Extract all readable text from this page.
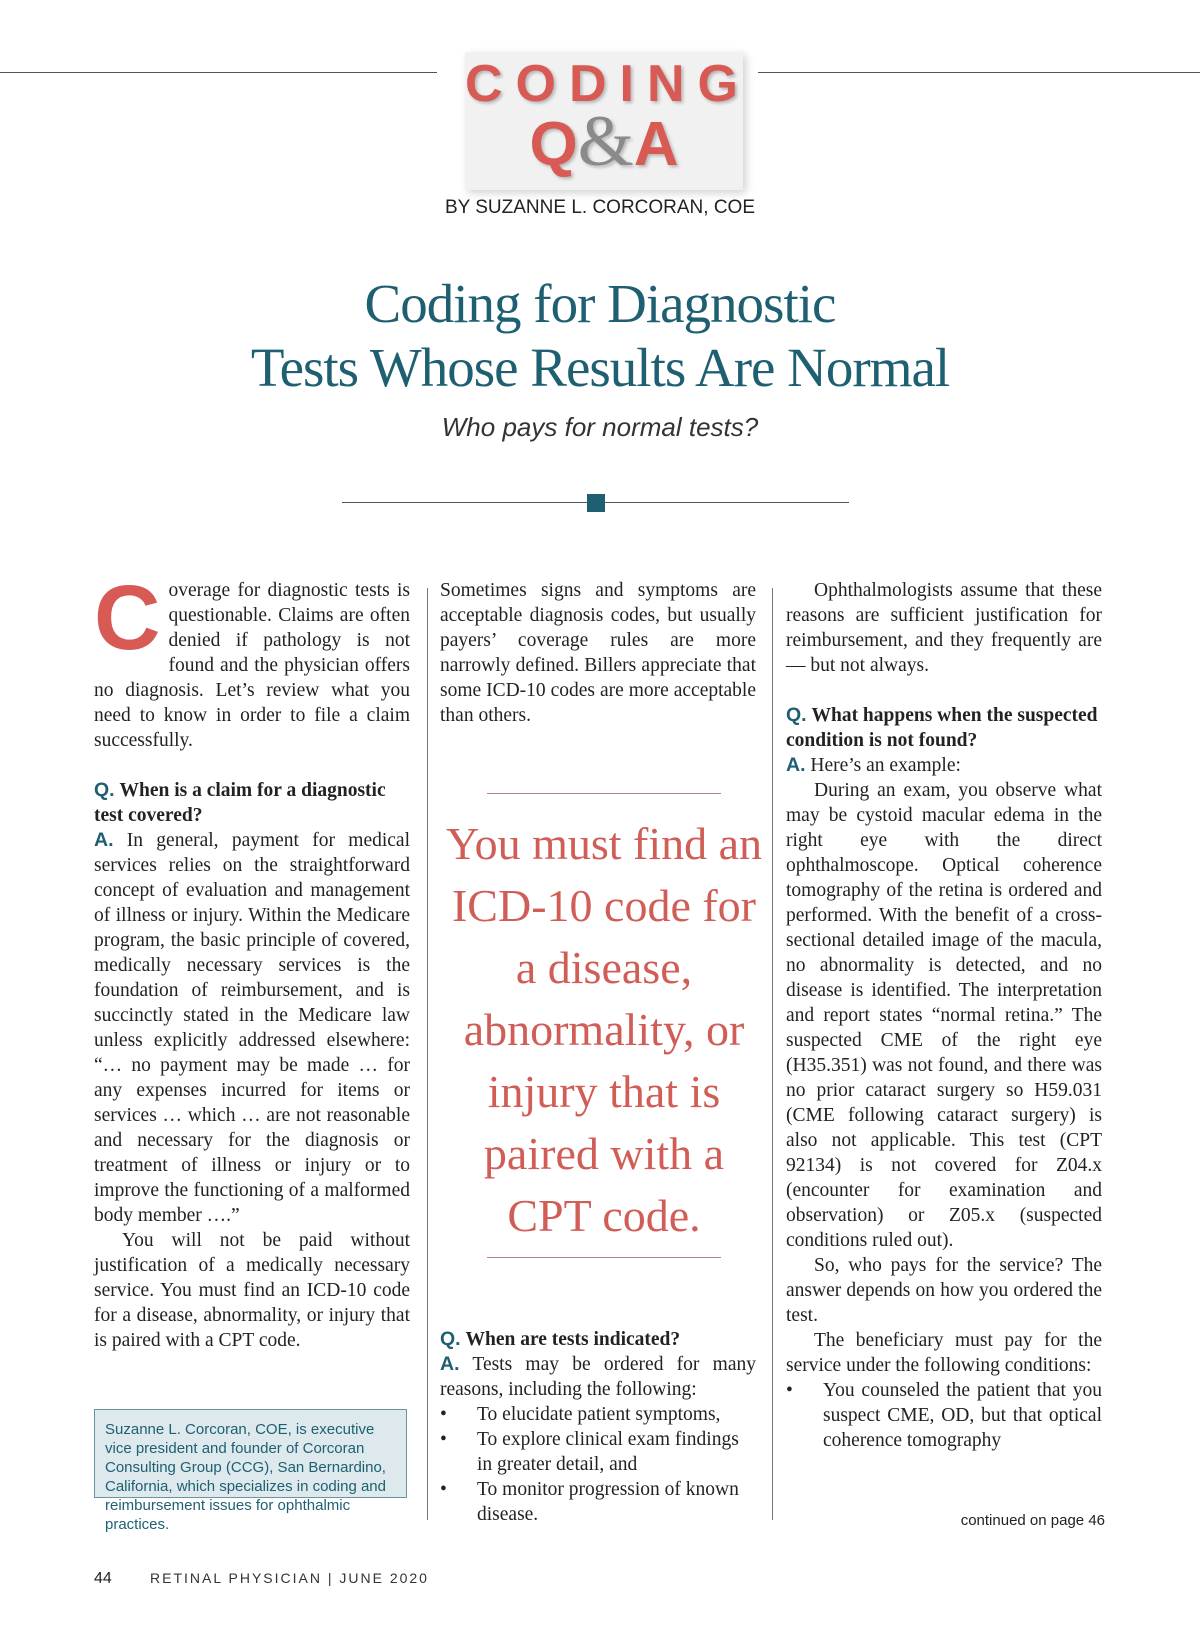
CODING
Q&A
BY SUZANNE L. CORCORAN, COE
Coding for Diagnostic
Tests Whose Results Are Normal
Who pays for normal tests?

Coverage for diagnostic tests is questionable. Claims are often denied if pathology is not found and the physician offers no diagnosis. Let’s review what you need to know in order to file a claim successfully.

Q. When is a claim for a diagnostic test covered?

A. In general, payment for medical services relies on the straightforward concept of evaluation and management of illness or injury. Within the Medicare program, the basic principle of covered, medically necessary services is the foundation of reimbursement, and is succinctly stated in the Medicare law unless explicitly addressed elsewhere: “… no payment may be made … for any expenses incurred for items or services … which … are not reasonable and necessary for the diagnosis or treatment of illness or injury or to improve the functioning of a malformed body member ….”

You will not be paid without justification of a medically necessary service. You must find an ICD-10 code for a disease, abnormality, or injury that is paired with a CPT code.

Suzanne L. Corcoran, COE, is executive vice president and founder of Corcoran Consulting Group (CCG), San Bernardino, California, which specializes in coding and reimbursement issues for ophthalmic practices.

Sometimes signs and symptoms are acceptable diagnosis codes, but usually payers’ coverage rules are more narrowly defined. Billers appreciate that some ICD-10 codes are more acceptable than others.

You must find an ICD-10 code for a disease, abnormality, or injury that is paired with a CPT code.

Q. When are tests indicated?

A. Tests may be ordered for many reasons, including the following:

• To elucidate patient symptoms,
• To explore clinical exam findings in greater detail, and
• To monitor progression of known disease.

Ophthalmologists assume that these reasons are sufficient justification for reimbursement, and they frequently are — but not always.

Q. What happens when the suspected condition is not found?

A. Here’s an example:

During an exam, you observe what may be cystoid macular edema in the right eye with the direct ophthalmoscope. Optical coherence tomography of the retina is ordered and performed. With the benefit of a cross-sectional detailed image of the macula, no abnormality is detected, and no disease is identified. The interpretation and report states “normal retina.” The suspected CME of the right eye (H35.351) was not found, and there was no prior cataract surgery so H59.031 (CME following cataract surgery) is also not applicable. This test (CPT 92134) is not covered for Z04.x (encounter for examination and observation) or Z05.x (suspected conditions ruled out).

So, who pays for the service? The answer depends on how you ordered the test.

The beneficiary must pay for the service under the following conditions:

• You counseled the patient that you suspect CME, OD, but that optical coherence tomography
continued on page 46
44	RETINAL PHYSICIAN | JUNE 2020
